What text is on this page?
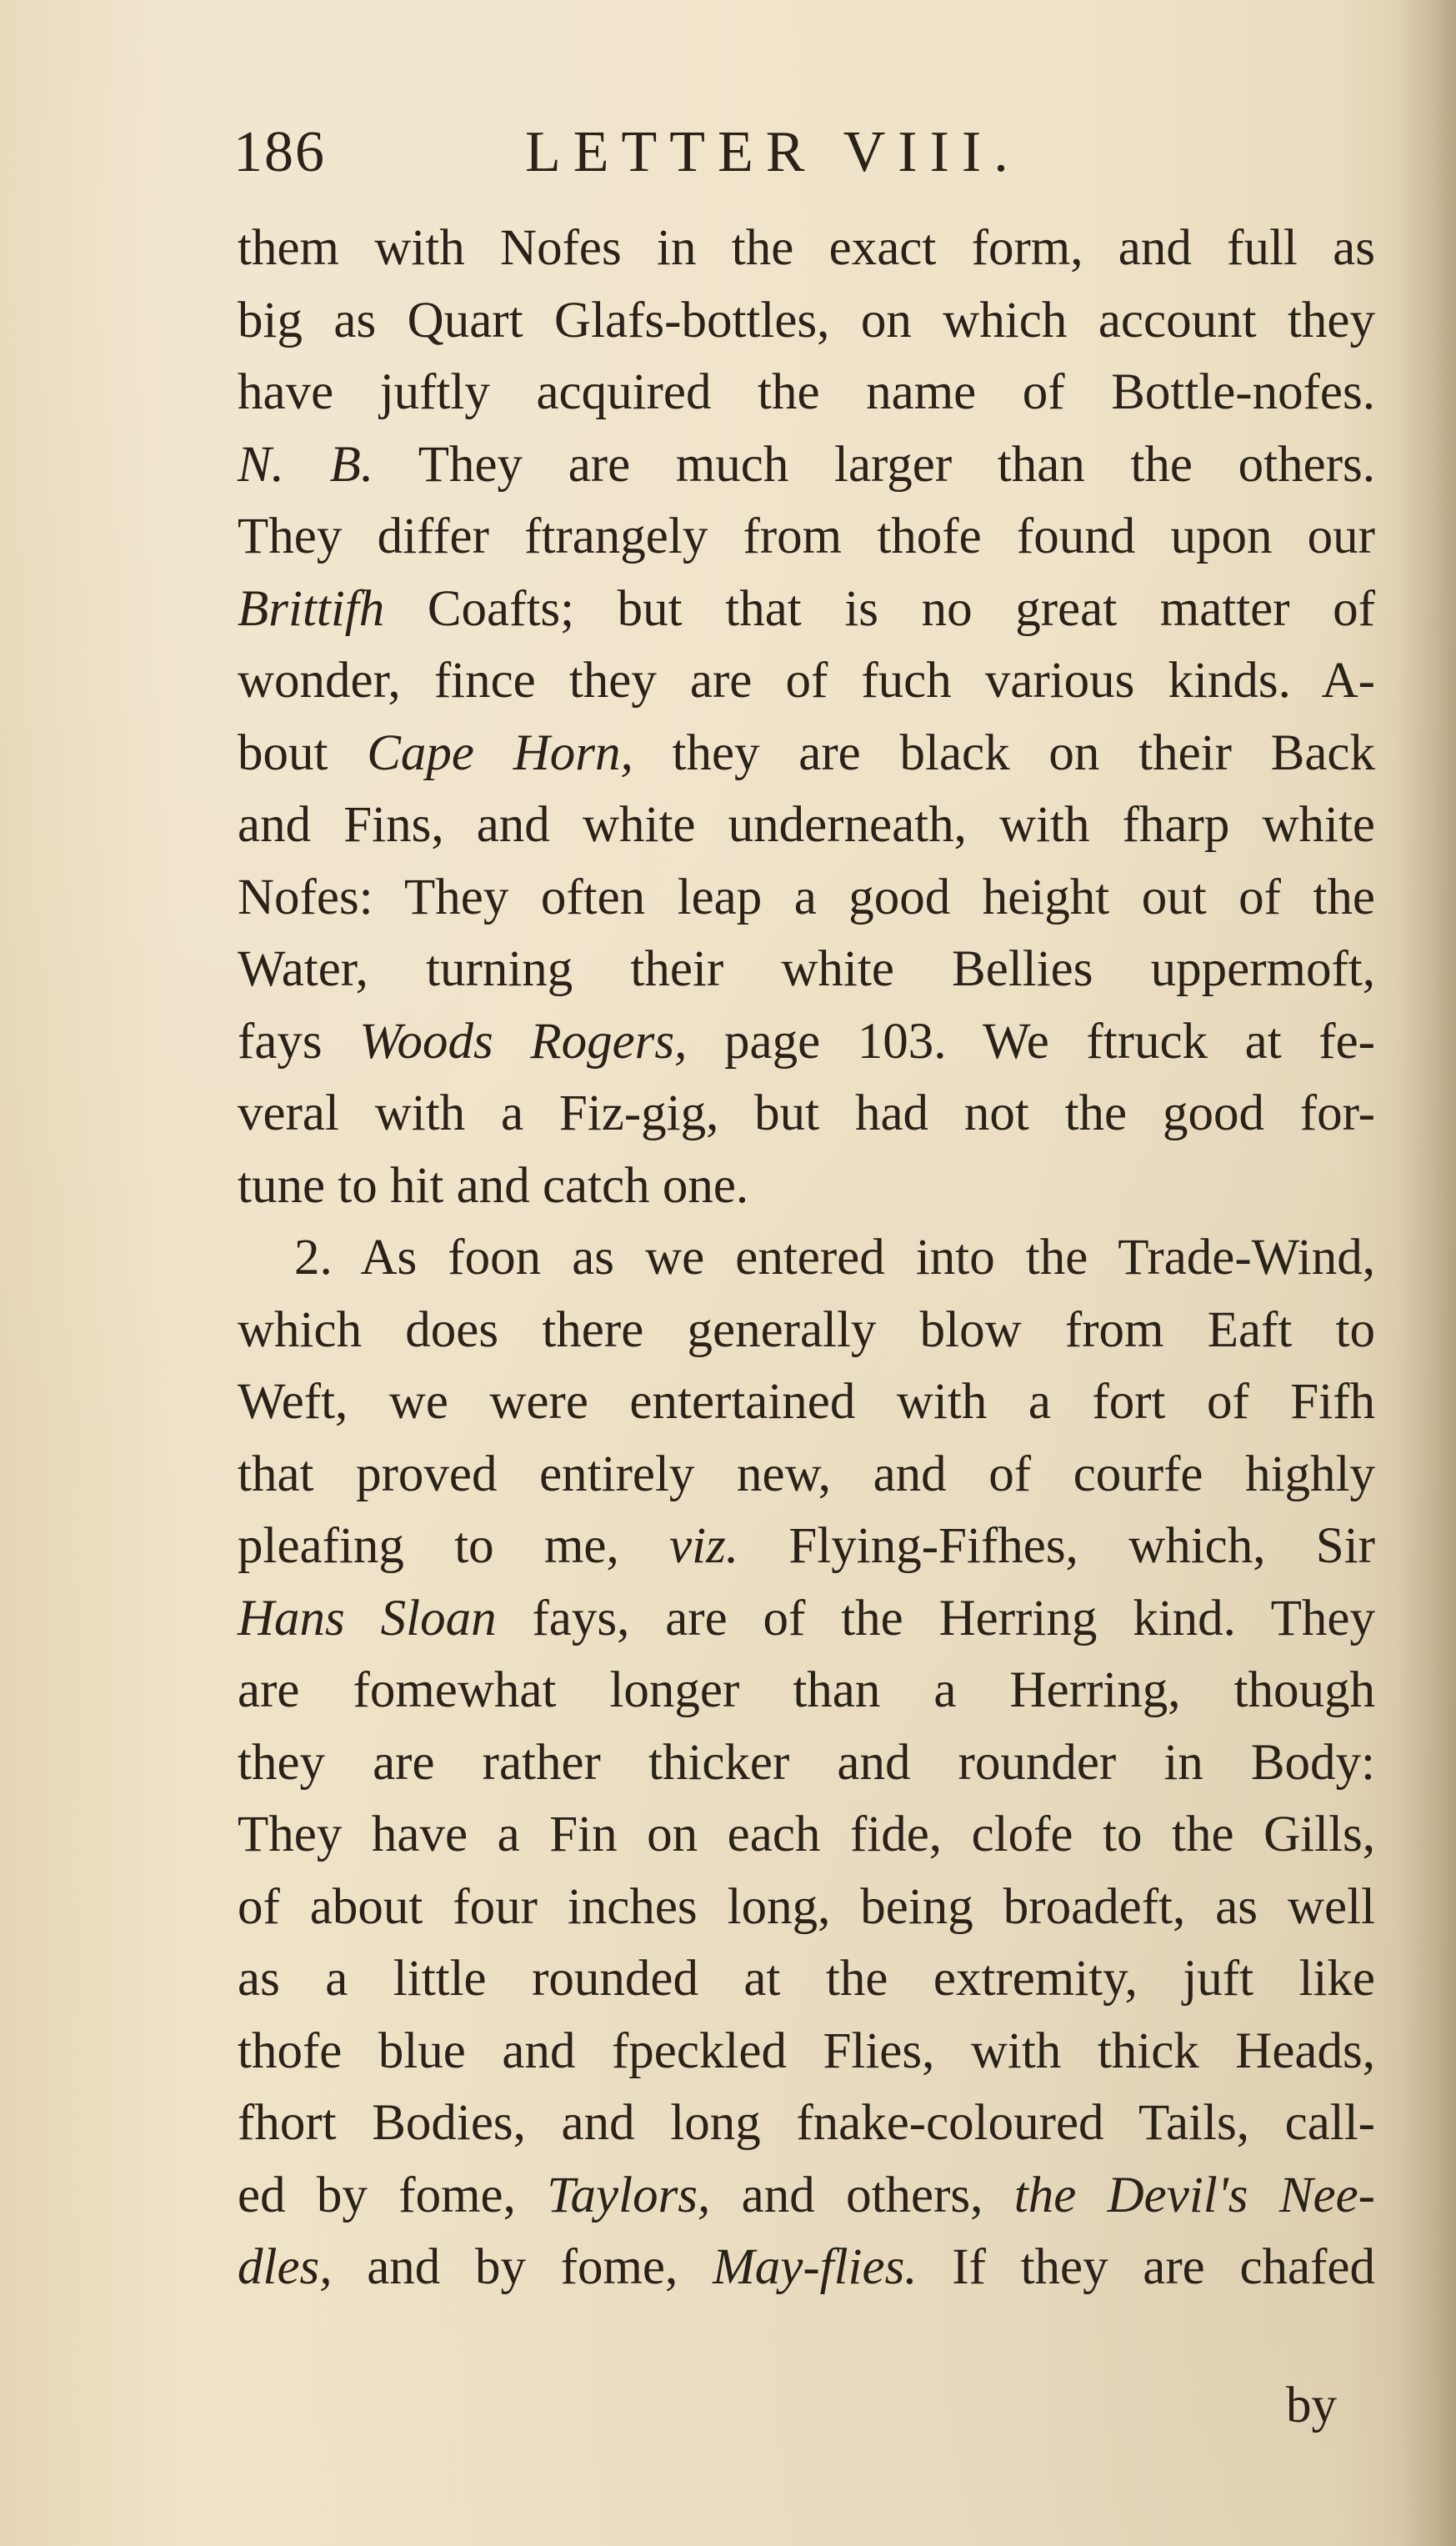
186	LETTER VIII.
them with Nofes in the exact form, and full as
big as Quart Glafs-bottles, on which account they
have juftly acquired the name of Bottle-nofes.
N. B. They are much larger than the others.
They differ ftrangely from thofe found upon our
Brittifh Coafts; but that is no great matter of
wonder, fince they are of fuch various kinds. A-
bout Cape Horn, they are black on their Back
and Fins, and white underneath, with fharp white
Nofes: They often leap a good height out of the
Water, turning their white Bellies uppermoft,
fays Woods Rogers, page 103. We ftruck at fe-
veral with a Fiz-gig, but had not the good for-
tune to hit and catch one.
2. As foon as we entered into the Trade-Wind,
which does there generally blow from Eaft to
Weft, we were entertained with a fort of Fifh
that proved entirely new, and of courfe highly
pleafing to me, viz. Flying-Fifhes, which, Sir
Hans Sloan fays, are of the Herring kind. They
are fomewhat longer than a Herring, though
they are rather thicker and rounder in Body:
They have a Fin on each fide, clofe to the Gills,
of about four inches long, being broadeft, as well
as a little rounded at the extremity, juft like
thofe blue and fpeckled Flies, with thick Heads,
fhort Bodies, and long fnake-coloured Tails, call-
ed by fome, Taylors, and others, the Devil's Nee-
dles, and by fome, May-flies. If they are chafed
by
